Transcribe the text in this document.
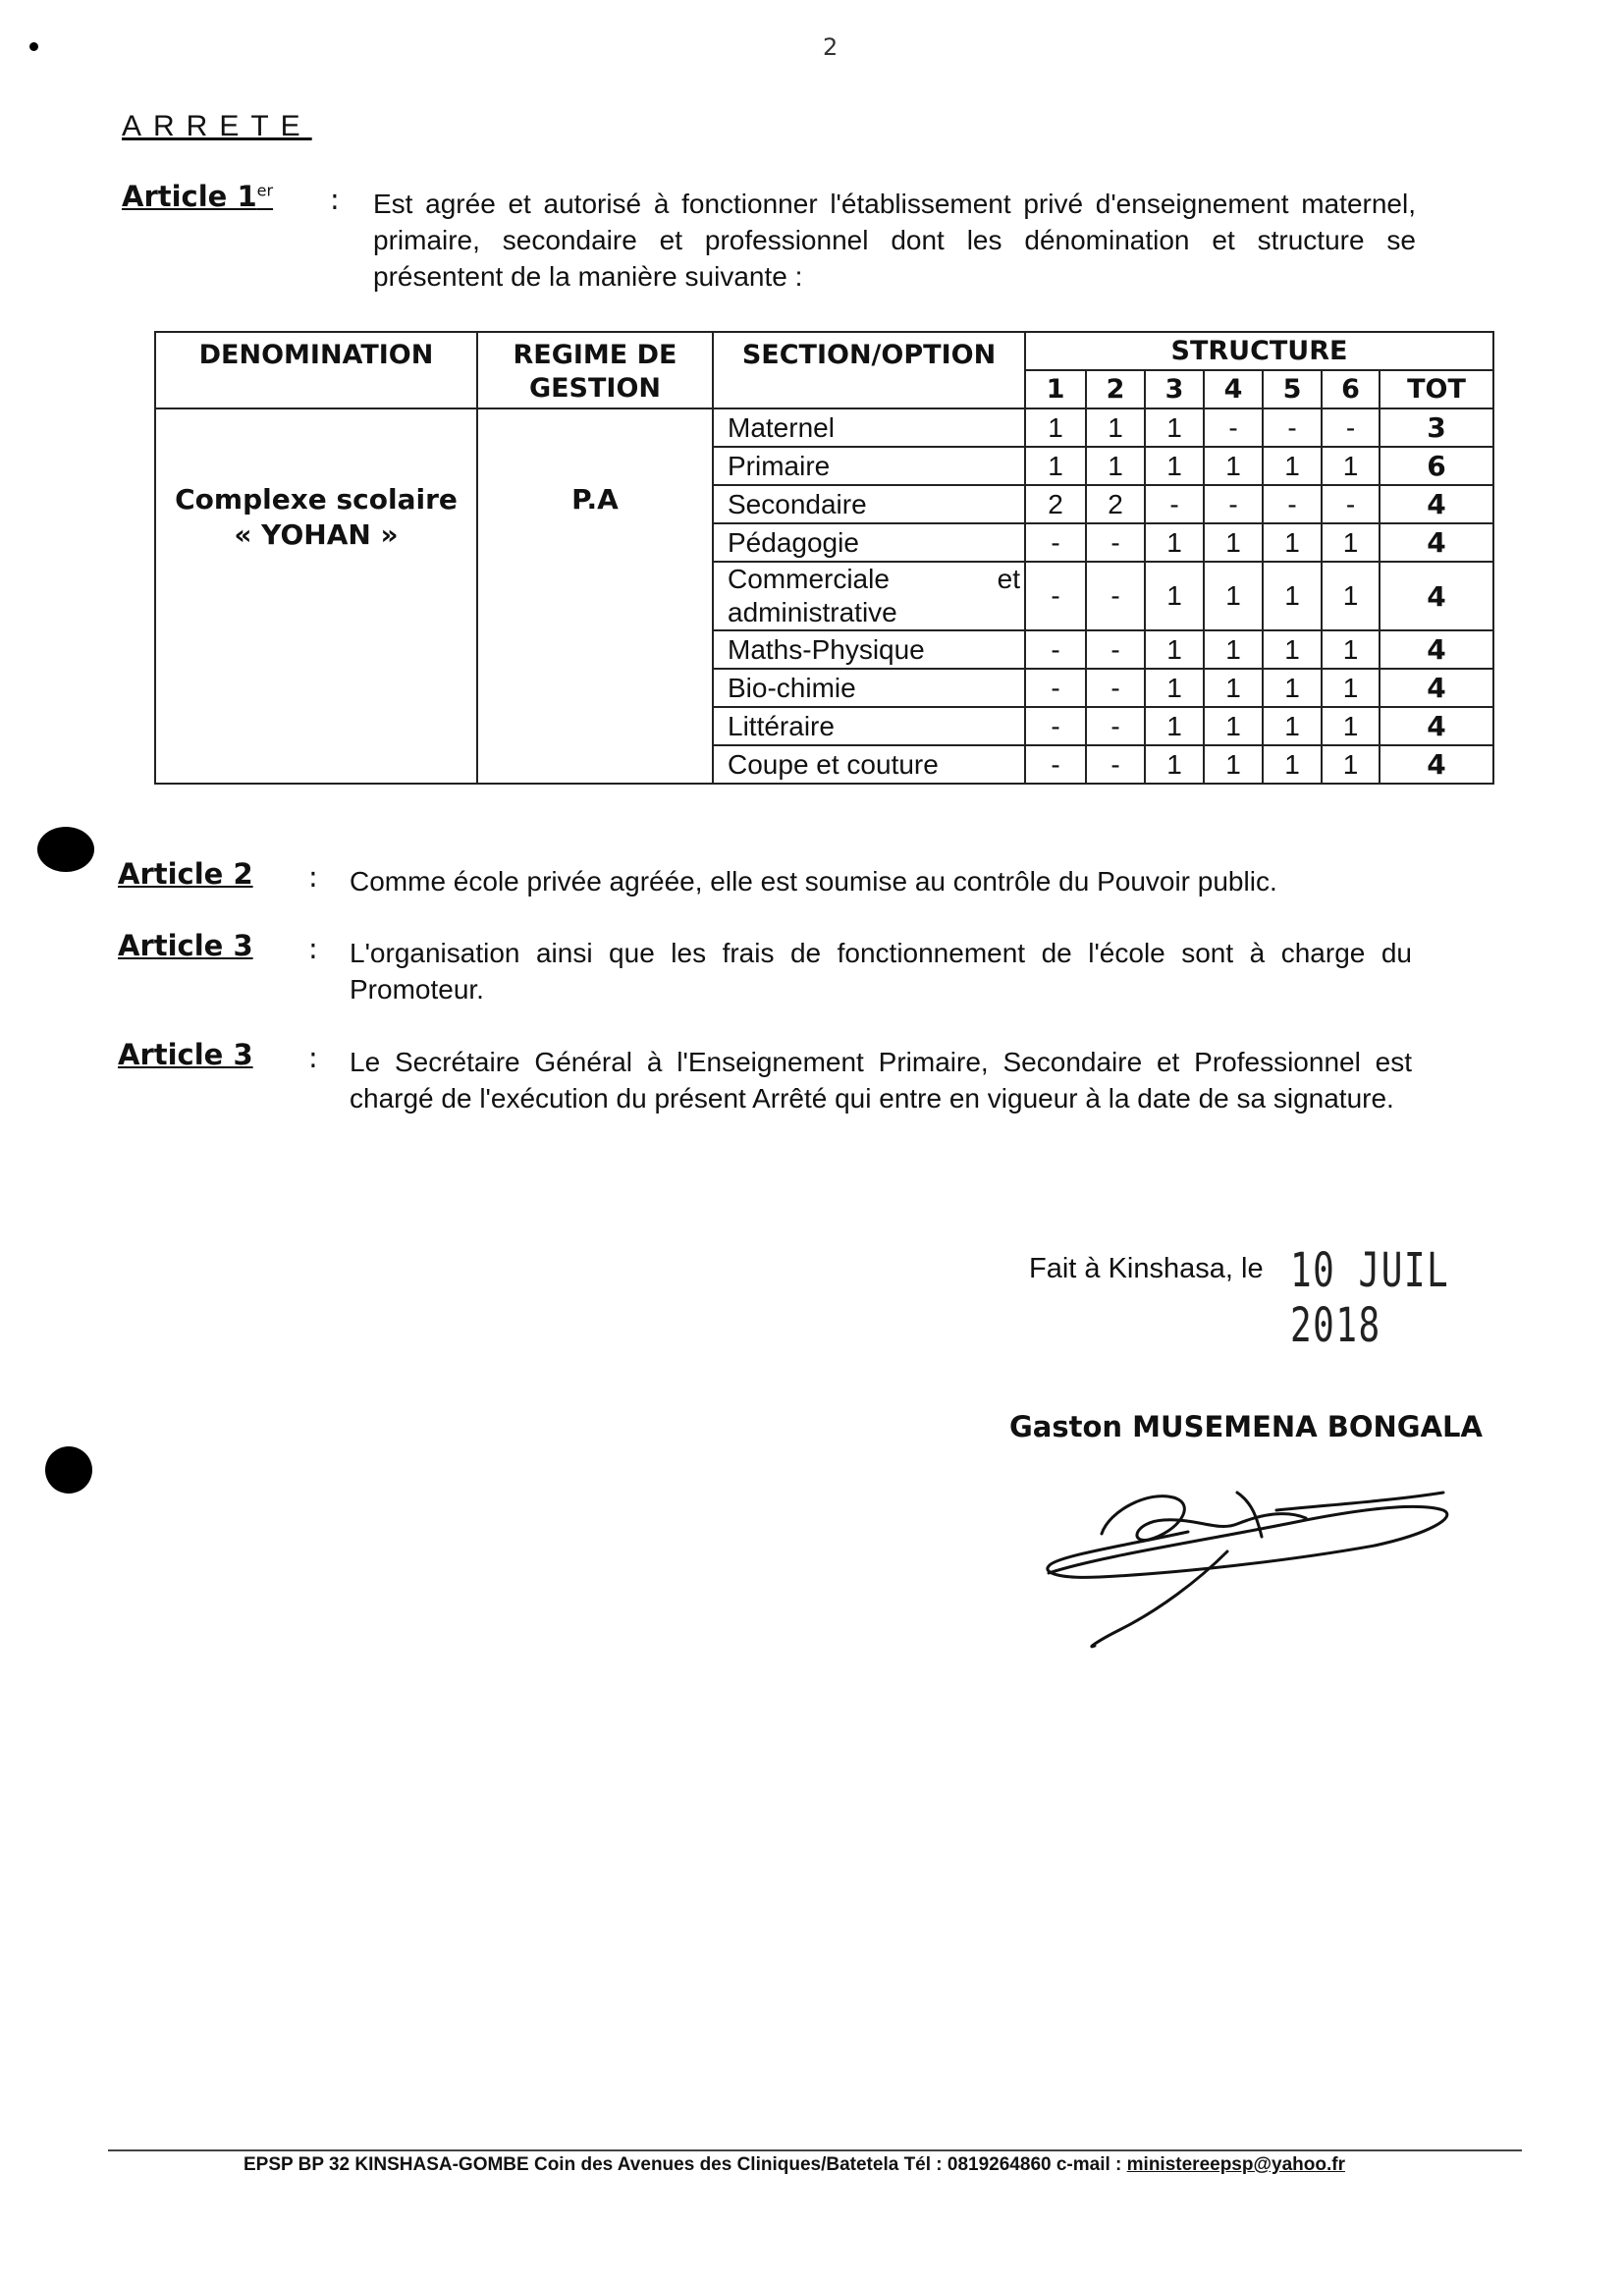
2
ARRETE
Article 1er : Est agrée et autorisé à fonctionner l'établissement privé d'enseignement maternel, primaire, secondaire et professionnel dont les dénomination et structure se présentent de la manière suivante :
DENOMINATION	REGIME DE GESTION	SECTION/OPTION	STRUCTURE						
			1	2	3	4	5	6	TOT

Complexe scolaire
« YOHAN »	P.A	Maternel	1	1	1	-	-	-	3
		Primaire	1	1	1	1	1	1	6
		Secondaire	2	2	-	-	-	-	4
		Pédagogie	-	-	1	1	1	1	4
		Commerciale et administrative	-	-	1	1	1	1	4
		Maths-Physique	-	-	1	1	1	1	4
		Bio-chimie	-	-	1	1	1	1	4
		Littéraire	-	-	1	1	1	1	4
		Coupe et couture	-	-	1	1	1	1	4
Article 2 : Comme école privée agréée, elle est soumise au contrôle du Pouvoir public.
Article 3 : L'organisation ainsi que les frais de fonctionnement de l'école sont à charge du Promoteur.
Article 3 : Le Secrétaire Général à l'Enseignement Primaire, Secondaire et Professionnel est chargé de l'exécution du présent Arrêté qui entre en vigueur à la date de sa signature.
Fait à Kinshasa, le 10 JUIL 2018
Gaston MUSEMENA BONGALA
EPSP BP 32 KINSHASA-GOMBE Coin des Avenues des Cliniques/Batetela Tél : 0819264860 c-mail : ministereepsp@yahoo.fr
